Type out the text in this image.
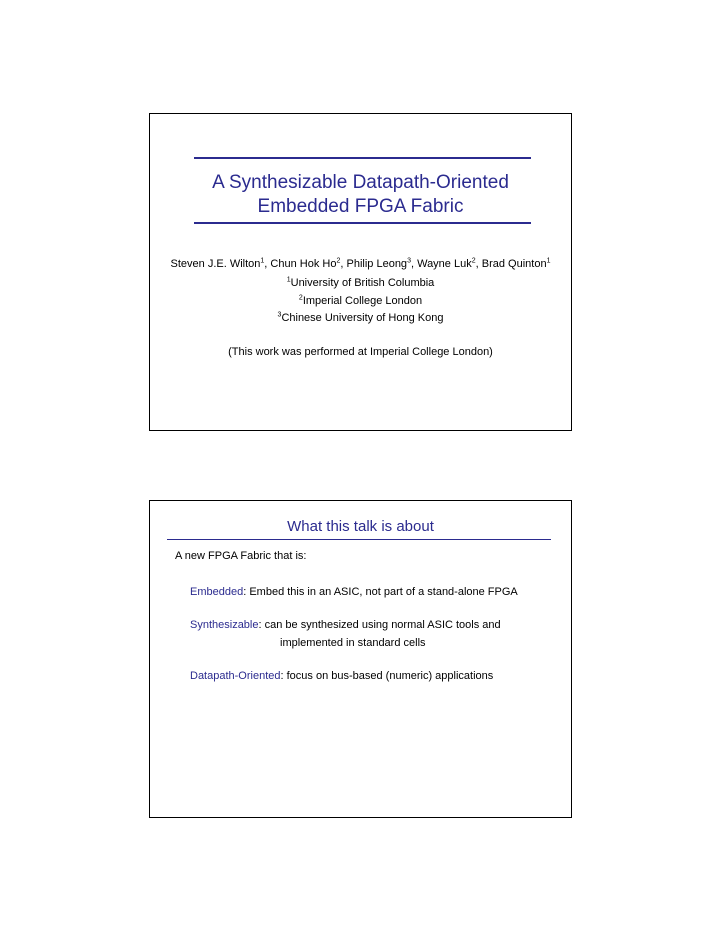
A Synthesizable Datapath-Oriented
Embedded FPGA Fabric
Steven J.E. Wilton$^1$, Chun Hok Ho$^2$, Philip Leong$^3$, Wayne Luk$^2$, Brad Quinton$^1$
$^1$University of British Columbia
$^2$Imperial College London
$^3$Chinese University of Hong Kong
(This work was performed at Imperial College London)
What this talk is about
A new FPGA Fabric that is:
Embedded: Embed this in an ASIC, not part of a stand-alone FPGA
Synthesizable: can be synthesized using normal ASIC tools and
implemented in standard cells
Datapath-Oriented: focus on bus-based (numeric) applications
